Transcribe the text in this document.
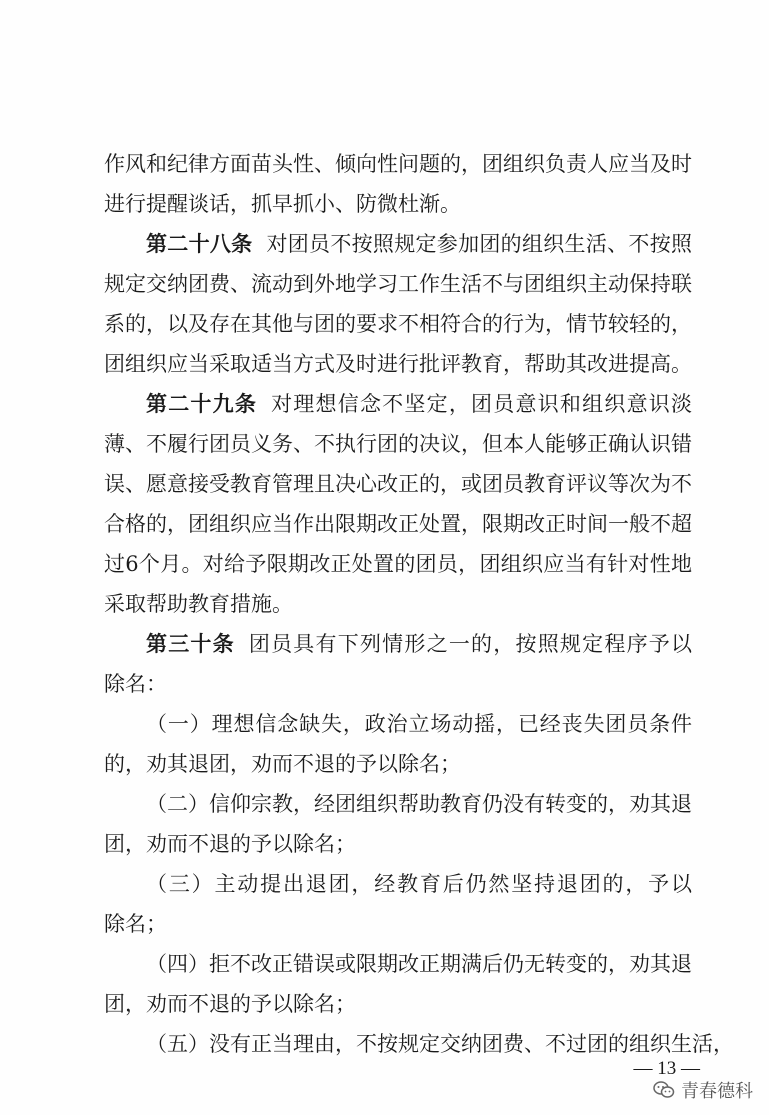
作风和纪律方面苗头性、倾向性问题的，团组织负责人应当及时
进行提醒谈话，抓早抓小、防微杜渐。
第二十八条 对团员不按照规定参加团的组织生活、不按照
规定交纳团费、流动到外地学习工作生活不与团组织主动保持联
系的，以及存在其他与团的要求不相符合的行为，情节较轻的，
团组织应当采取适当方式及时进行批评教育，帮助其改进提高。
第二十九条 对理想信念不坚定，团员意识和组织意识淡
薄、不履行团员义务、不执行团的决议，但本人能够正确认识错
误、愿意接受教育管理且决心改正的，或团员教育评议等次为不
合格的，团组织应当作出限期改正处置，限期改正时间一般不超
过6个月。对给予限期改正处置的团员，团组织应当有针对性地
采取帮助教育措施。
第三十条 团员具有下列情形之一的，按照规定程序予以
除名：
（一）理想信念缺失，政治立场动摇，已经丧失团员条件
的，劝其退团，劝而不退的予以除名；
（二）信仰宗教，经团组织帮助教育仍没有转变的，劝其退
团，劝而不退的予以除名；
（三）主动提出退团，经教育后仍然坚持退团的，予以
除名；
（四）拒不改正错误或限期改正期满后仍无转变的，劝其退
团，劝而不退的予以除名；
（五）没有正当理由，不按规定交纳团费、不过团的组织生活，
— 13 —
青春德科
